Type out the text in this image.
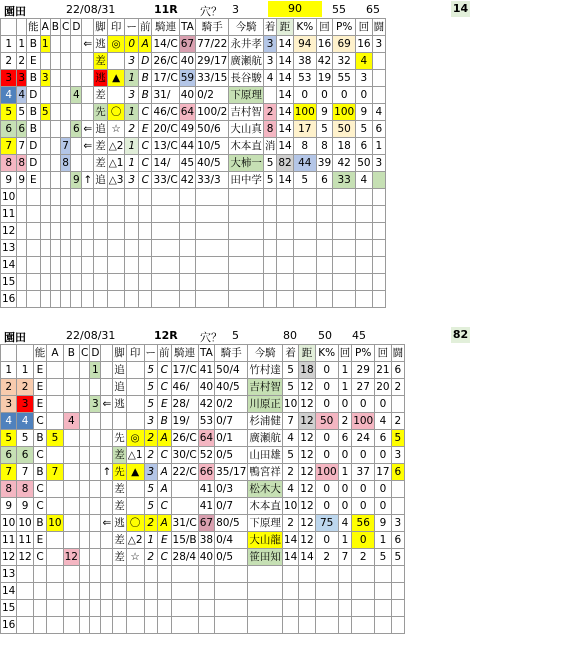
園田	22/08/31	11R 穴？ 3	90	55 65	14
		能	A	B	C	D		脚	印	ー	前	騎連	TA	騎手	今騎	着	距	K%	回	P%	回	闘
1	1	B	1				⇐	逃	◎	0	A	14/C	67	77/22	永井孝	3	14	94	16	69	16	3
2	2	E						差		3	D	26/C	40	29/17	廣瀬航	3	14	38	42	32	4	
3	3	B	3					逃	▲	1	B	17/C	59	33/15	長谷駿	4	14	53	19	55	3	
4	4	D				4		差		3	B	31/	40	0/2	下原理		14	0	0	0	0	
5	5	B	5					先	〇	1	C	46/C	64	100/2	吉村智	2	14	100	9	100	9	4
6	6	B				6	⇐	追	☆	2	E	20/C	49	50/6	大山真	8	14	17	5	50	5	6
7	7	D			7		⇐	差	△2	1	C	13/C	44	10/5	木本直	消	14	8	8	18	6	1
8	8	D			8			差	△1	1	C	14/	45	40/5	大柿一	5	82	44	39	42	50	3
9	9	E				9	↑	追	△3	3	C	33/C	42	33/3	田中学	5	14	5	6	33	4	
10																						
11																						
12																						
13																						
14																						
15																						
16																						
園田	22/08/31	12R 穴？ 5	80 50 45	82
		能	A	B	C	D		脚	印	ー	前	騎連	TA	騎手	今騎	着	距	K%	回	P%	回	闘
1	1	E				1		追		5	C	17/C	41	50/4	竹村達	5	18	0	1	29	21	6
2	2	E						追		5	C	46/	40	40/5	吉村智	5	12	0	1	27	20	2
3	3	E				3	⇐	逃		5	E	28/	42	0/2	川原正	10	12	0	0	0	0	
4	4	C		4						3	B	19/	53	0/7	杉浦健	7	12	50	2	100	4	2
5	5	B	5					先	◎	2	A	26/C	64	0/1	廣瀬航	4	12	0	6	24	6	5
6	6	C						差	△1	2	C	30/C	52	0/5	山田雄	5	12	0	0	0	0	3
7	7	B	7				↑	先	▲	3	A	22/C	66	35/17	鴨宮祥	2	12	100	1	37	17	6
8	8	C						差		5	A		41	0/3	松木大	4	12	0	0	0	0	
9	9	C						差		5	C		41	0/7	木本直	10	12	0	0	0	0	
10	10	B	10				⇐	逃	〇	2	A	31/C	67	80/5	下原理	2	12	75	4	56	9	3
11	11	E						差	△2	1	E	15/B	38	0/4	大山龍	14	12	0	1	0	1	6
12	12	C		12				差	☆	2	C	28/4	40	0/5	笹田知	14	14	2	7	2	5	5
13																						
14																						
15																						
16																						
